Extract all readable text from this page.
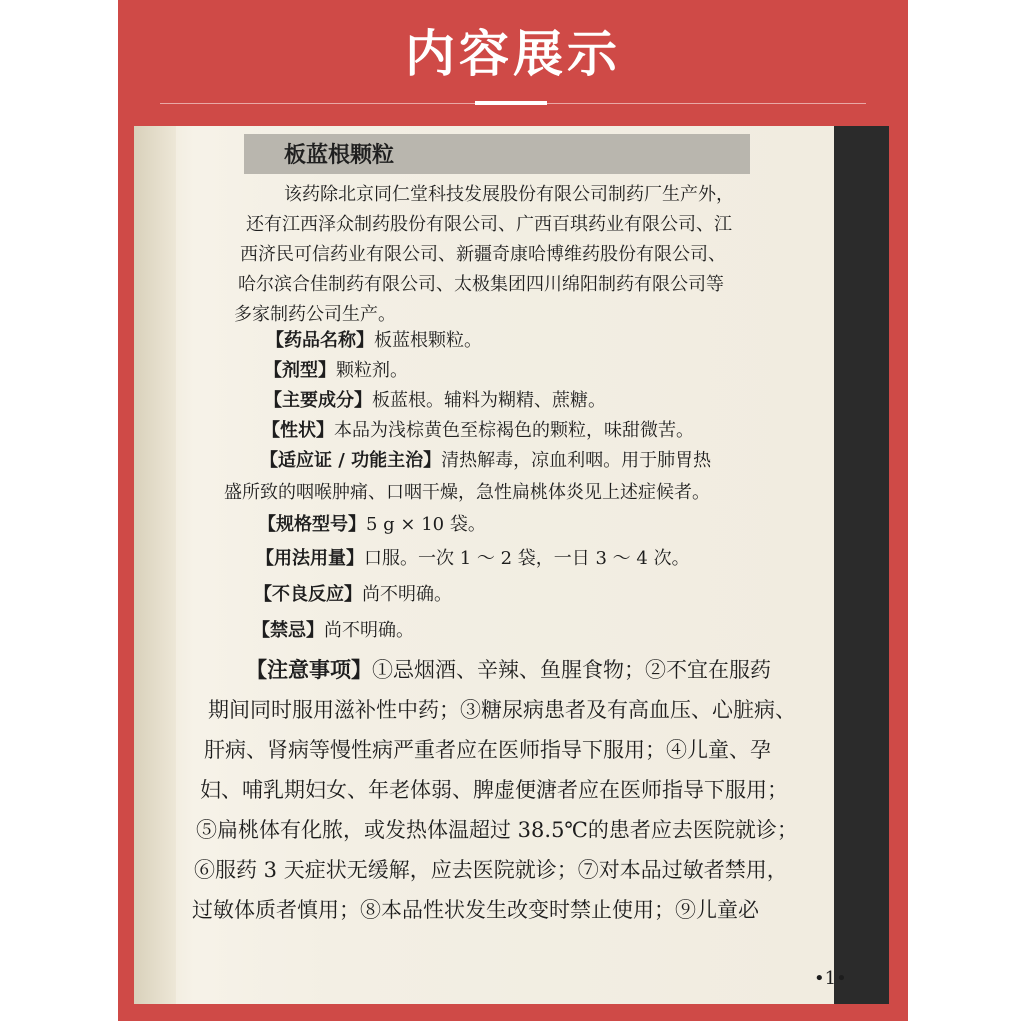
内容展示
板蓝根颗粒
该药除北京同仁堂科技发展股份有限公司制药厂生产外，
还有江西泽众制药股份有限公司、广西百琪药业有限公司、江
西济民可信药业有限公司、新疆奇康哈博维药股份有限公司、
哈尔滨合佳制药有限公司、太极集团四川绵阳制药有限公司等
多家制药公司生产。
【药品名称】板蓝根颗粒。
【剂型】颗粒剂。
【主要成分】板蓝根。辅料为糊精、蔗糖。
【性状】本品为浅棕黄色至棕褐色的颗粒，味甜微苦。
【适应证 / 功能主治】清热解毒，凉血利咽。用于肺胃热
盛所致的咽喉肿痛、口咽干燥，急性扁桃体炎见上述症候者。
【规格型号】5 g × 10 袋。
【用法用量】口服。一次 1 ～ 2 袋，一日 3 ～ 4 次。
【不良反应】尚不明确。
【禁忌】尚不明确。
【注意事项】①忌烟酒、辛辣、鱼腥食物；②不宜在服药
期间同时服用滋补性中药；③糖尿病患者及有高血压、心脏病、
肝病、肾病等慢性病严重者应在医师指导下服用；④儿童、孕
妇、哺乳期妇女、年老体弱、脾虚便溏者应在医师指导下服用；
⑤扁桃体有化脓，或发热体温超过 38.5℃的患者应去医院就诊；
⑥服药 3 天症状无缓解，应去医院就诊；⑦对本品过敏者禁用，
过敏体质者慎用；⑧本品性状发生改变时禁止使用；⑨儿童必
•1•
